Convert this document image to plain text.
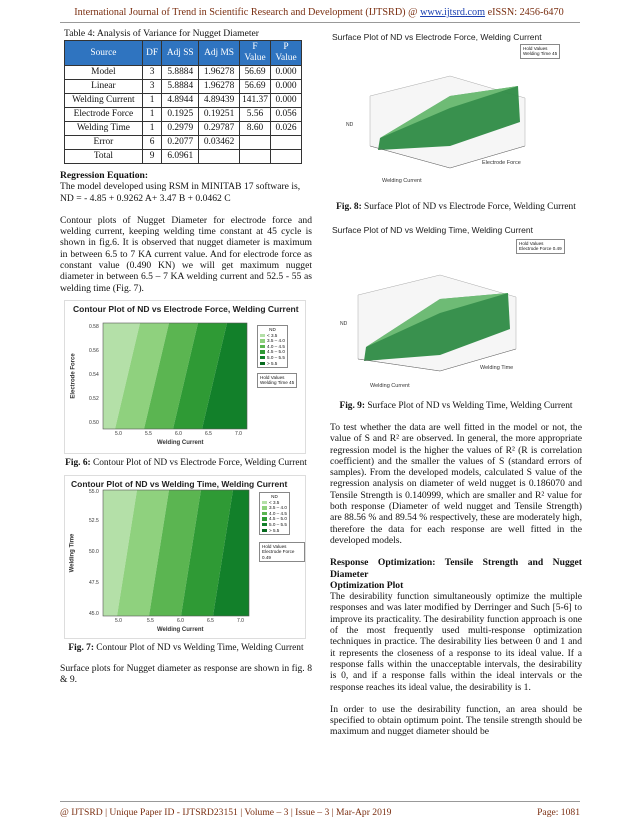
International Journal of Trend in Scientific Research and Development (IJTSRD) @ www.ijtsrd.com eISSN: 2456-6470
Table 4: Analysis of Variance for Nugget Diameter
Source	DF	Adj SS	Adj MS	F Value	P Value
Model	3	5.8884	1.96278	56.69	0.000
Linear	3	5.8884	1.96278	56.69	0.000
Welding Current	1	4.8944	4.89439	141.37	0.000
Electrode Force	1	0.1925	0.19251	5.56	0.056
Welding Time	1	0.2979	0.29787	8.60	0.026
Error	6	0.2077	0.03462		
Total	9	6.0961			

Regression Equation:

The model developed using RSM in MINITAB 17 software is,

ND = - 4.85 + 0.9262 A+ 3.47 B + 0.0462 C

Contour plots of Nugget Diameter for electrode force and welding current, keeping welding time constant at 45 cycle is shown in fig.6. It is observed that nugget diameter is maximum in between 6.5 to 7 KA current value. And for electrode force as constant value (0.490 KN) we will get maximum nugget diameter in between 6.5 – 7 KA welding current and 52.5 - 55 as welding time (Fig. 7).

Contour Plot of ND vs Electrode Force, Welding Current
0.58
0.56
0.54
0.52
0.50
5.0	5.5	6.0	6.5	7.0
Welding Current
Electrode Force
ND
< 3.5
3.5 – 4.0
4.0 – 4.5
4.5 – 5.0
5.0 – 5.5
> 5.5
Hold Values
Welding Time 45
Fig. 6: Contour Plot of ND vs Electrode Force, Welding Current
Contour Plot of ND vs Welding Time, Welding Current
55.0
52.5
50.0
47.5
45.0
5.0	5.5	6.0	6.5	7.0
Welding Current
Welding Time
ND
< 3.5
3.5 – 4.0
4.0 – 4.5
4.5 – 5.0
5.0 – 5.5
> 5.5
Hold Values
Electrode Force 0.49
Fig. 7: Contour Plot of ND vs Welding Time, Welding Current

Surface plots for Nugget diameter as response are shown in fig. 8 & 9.

Surface Plot of ND vs Electrode Force, Welding Current
Hold Values
Welding Time 45
ND
Welding Current
Electrode Force
Fig. 8: Surface Plot of ND vs Electrode Force, Welding Current
Surface Plot of ND vs Welding Time, Welding Current
Hold Values
Electrode Force 0.49
ND
Welding Current
Welding Time
Fig. 9: Surface Plot of ND vs Welding Time, Welding Current

To test whether the data are well fitted in the model or not, the value of S and R² are observed. In general, the more appropriate regression model is the higher the values of R² (R is correlation coefficient) and the smaller the values of S (standard errors of samples). From the developed models, calculated S value of the regression analysis on diameter of weld nugget is 0.186070 and Tensile Strength is 0.140999, which are smaller and R² value for both response (Diameter of weld nugget and Tensile Strength) are 88.56 % and 89.54 % respectively, these are moderately high, therefore the data for each response are well fitted in the developed models.

Response Optimization: Tensile Strength and Nugget Diameter

Optimization Plot

The desirability function simultaneously optimize the multiple responses and was later modified by Derringer and Such [5-6] to improve its practicality. The desirability function approach is one of the most frequently used multi-response optimization techniques in practice. The desirability lies between 0 and 1 and it represents the closeness of a response to its ideal value. If a response falls within the unacceptable intervals, the desirability is 0, and if a response falls within the ideal intervals or the response reaches its ideal value, the desirability is 1.

In order to use the desirability function, an area should be specified to obtain optimum point. The tensile strength should be maximum and nugget diameter should be

@ IJTSRD | Unique Paper ID - IJTSRD23151 | Volume – 3 | Issue – 3 | Mar-Apr 2019	Page: 1081
